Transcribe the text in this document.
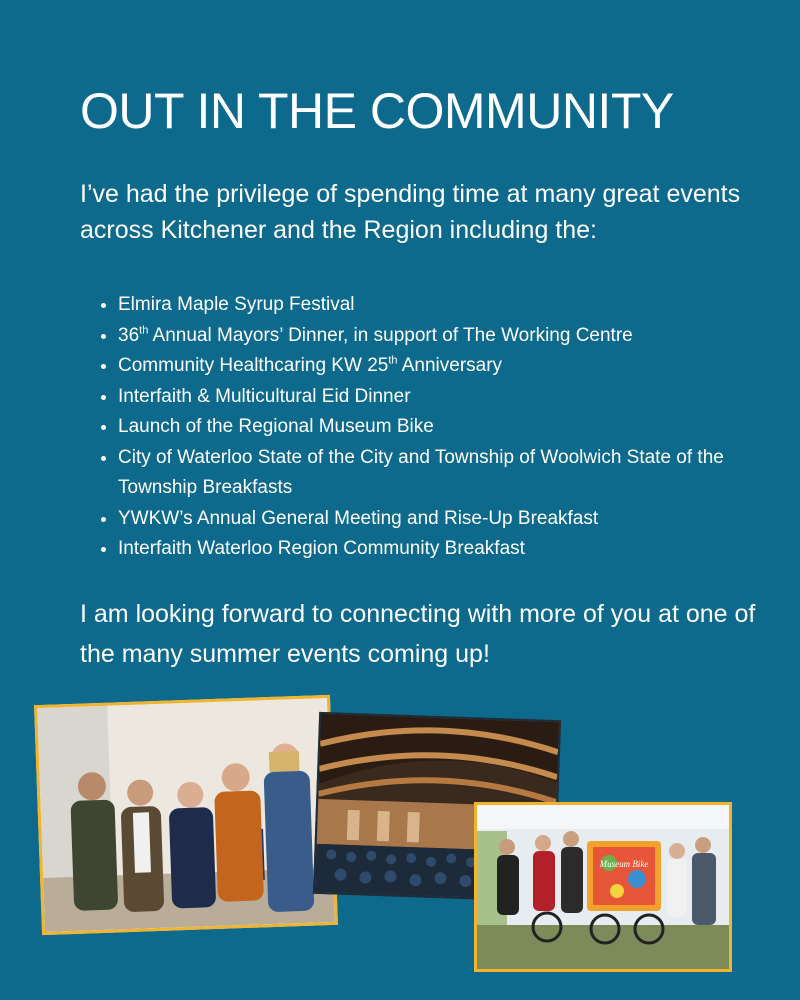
OUT IN THE COMMUNITY

I’ve had the privilege of spending time at many great events across Kitchener and the Region including the:

• Elmira Maple Syrup Festival
• 36th Annual Mayors’ Dinner, in support of The Working Centre
• Community Healthcaring KW 25th Anniversary
• Interfaith & Multicultural Eid Dinner
• Launch of the Regional Museum Bike
• City of Waterloo State of the City and Township of Woolwich State of the Township Breakfasts
• YWKW’s Annual General Meeting and Rise-Up Breakfast
• Interfaith Waterloo Region Community Breakfast

I am looking forward to connecting with more of you at one of the many summer events coming up!

Museum Bike
